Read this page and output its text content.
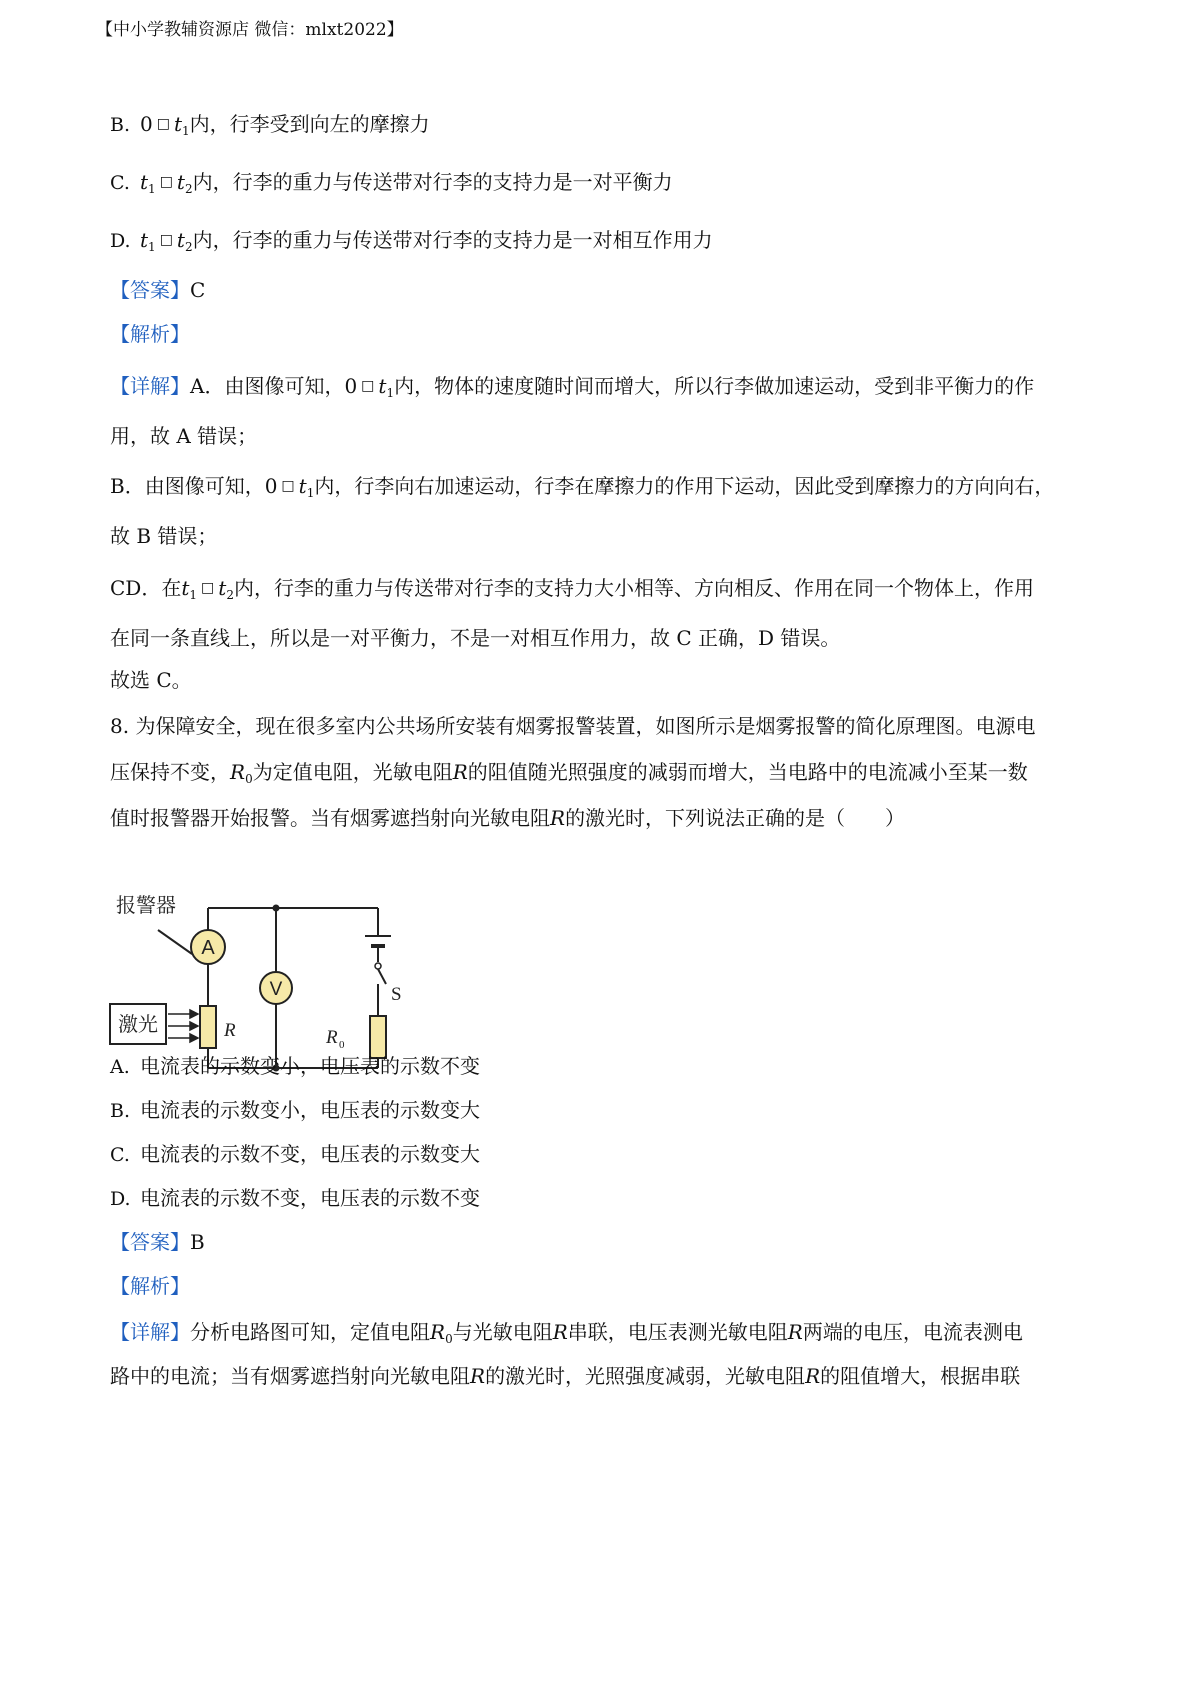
【中小学教辅资源店 微信：mlxt2022】
B. 0 □ $t_1$内，行李受到向左的摩擦力
C. $t_1$ □ $t_2$内，行李的重力与传送带对行李的支持力是一对平衡力
D. $t_1$ □ $t_2$内，行李的重力与传送带对行李的支持力是一对相互作用力
【答案】C
【解析】
【详解】A．由图像可知，0 □ $t_1$内，物体的速度随时间而增大，所以行李做加速运动，受到非平衡力的作
用，故 A 错误；
B．由图像可知，0 □ $t_1$内，行李向右加速运动，行李在摩擦力的作用下运动，因此受到摩擦力的方向向右，
故 B 错误；
CD．在$t_1$ □ $t_2$内，行李的重力与传送带对行李的支持力大小相等、方向相反、作用在同一个物体上，作用
在同一条直线上，所以是一对平衡力，不是一对相互作用力，故 C 正确，D 错误。
故选 C。
8. 为保障安全，现在很多室内公共场所安装有烟雾报警装置，如图所示是烟雾报警的简化原理图。电源电
压保持不变，$R_0$为定值电阻，光敏电阻R的阻值随光照强度的减弱而增大，当电路中的电流减小至某一数
值时报警器开始报警。当有烟雾遮挡射向光敏电阻R的激光时，下列说法正确的是（　　）
A
V
报警器
激光	R	R 0
S
A. 电流表的示数变小，电压表的示数不变
B. 电流表的示数变小，电压表的示数变大
C. 电流表的示数不变，电压表的示数变大
D. 电流表的示数不变，电压表的示数不变
【答案】B
【解析】
【详解】分析电路图可知，定值电阻$R_0$与光敏电阻R串联，电压表测光敏电阻R两端的电压，电流表测电
路中的电流；当有烟雾遮挡射向光敏电阻R的激光时，光照强度减弱，光敏电阻R的阻值增大，根据串联
